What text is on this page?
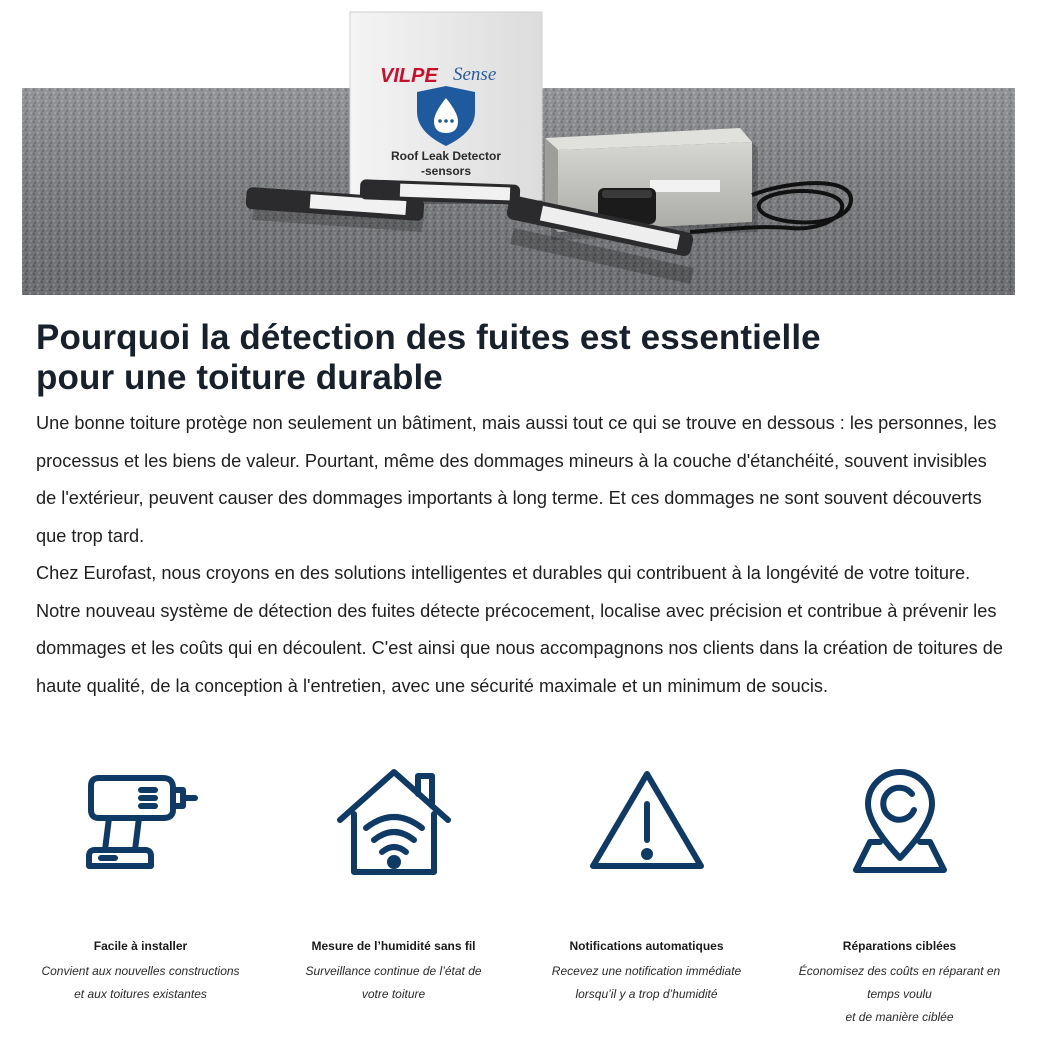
VILPE Sense
Roof Leak Detector
-sensors
Pourquoi la détection des fuites est essentielle
pour une toiture durable

Une bonne toiture protège non seulement un bâtiment, mais aussi tout ce qui se trouve en dessous : les personnes, les processus et les biens de valeur. Pourtant, même des dommages mineurs à la couche d'étanchéité, souvent invisibles de l'extérieur, peuvent causer des dommages importants à long terme. Et ces dommages ne sont souvent découverts que trop tard.

Chez Eurofast, nous croyons en des solutions intelligentes et durables qui contribuent à la longévité de votre toiture. Notre nouveau système de détection des fuites détecte précocement, localise avec précision et contribue à prévenir les dommages et les coûts qui en découlent. C'est ainsi que nous accompagnons nos clients dans la création de toitures de haute qualité, de la conception à l'entretien, avec une sécurité maximale et un minimum de soucis.

Facile à installer
Convient aux nouvelles constructions
et aux toitures existantes
Mesure de l’humidité sans fil
Surveillance continue de l’état de
votre toiture
Notifications automatiques
Recevez une notification immédiate
lorsqu’il y a trop d’humidité
Réparations ciblées
Économisez des coûts en réparant en
temps voulu
et de manière ciblée
